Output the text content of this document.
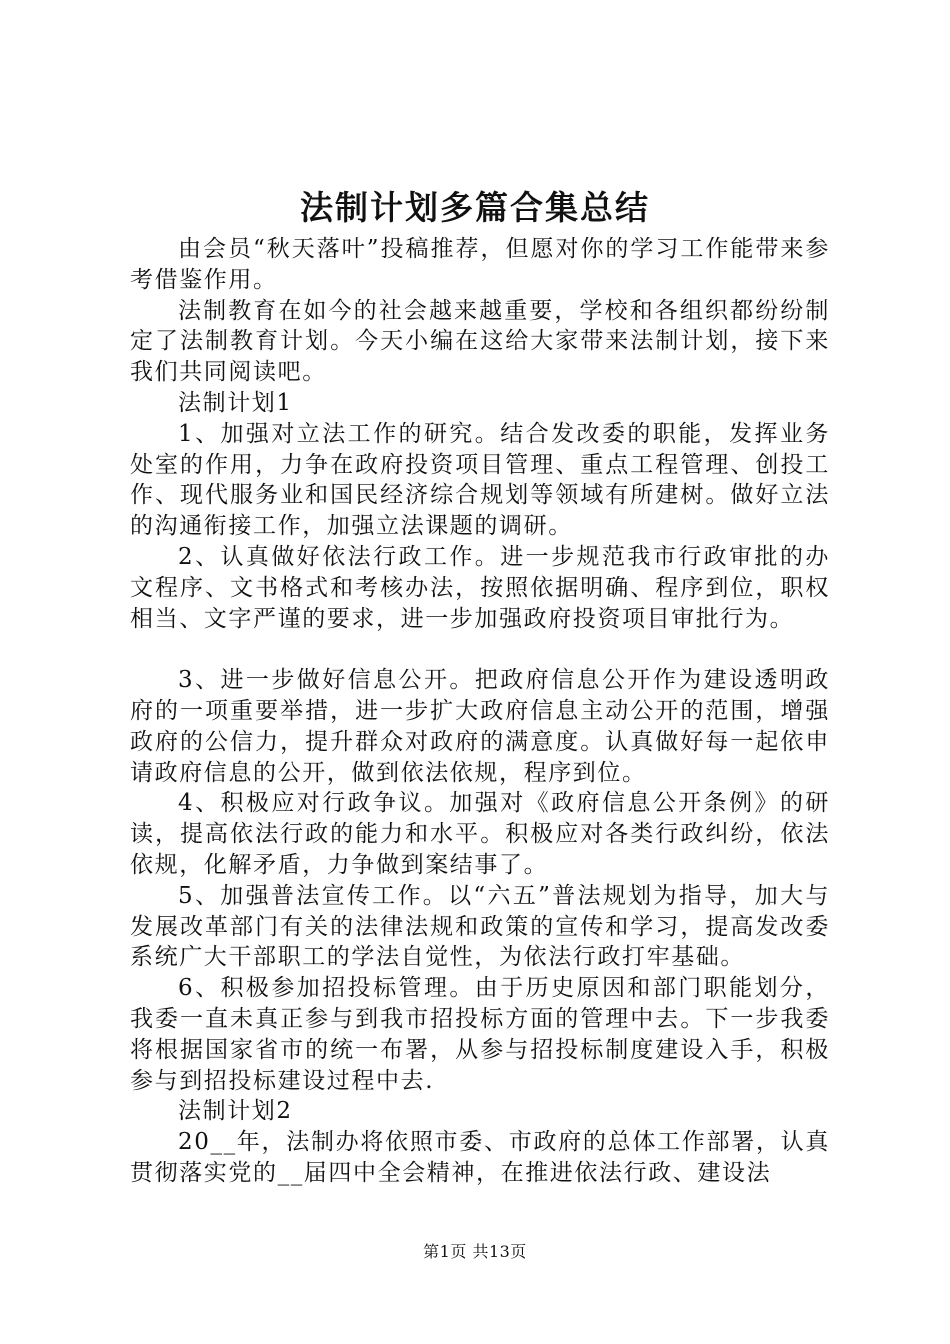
法制计划多篇合集总结

由会员“秋天落叶”投稿推荐，但愿对你的学习工作能带来参考借鉴作用。

法制教育在如今的社会越来越重要，学校和各组织都纷纷制定了法制教育计划。今天小编在这给大家带来法制计划，接下来我们共同阅读吧。

法制计划1

1、加强对立法工作的研究。结合发改委的职能，发挥业务处室的作用，力争在政府投资项目管理、重点工程管理、创投工作、现代服务业和国民经济综合规划等领域有所建树。做好立法的沟通衔接工作，加强立法课题的调研。

2、认真做好依法行政工作。进一步规范我市行政审批的办文程序、文书格式和考核办法，按照依据明确、程序到位，职权相当、文字严谨的要求，进一步加强政府投资项目审批行为。

3、进一步做好信息公开。把政府信息公开作为建设透明政府的一项重要举措，进一步扩大政府信息主动公开的范围，增强政府的公信力，提升群众对政府的满意度。认真做好每一起依申请政府信息的公开，做到依法依规，程序到位。

4、积极应对行政争议。加强对《政府信息公开条例》的研读，提高依法行政的能力和水平。积极应对各类行政纠纷，依法依规，化解矛盾，力争做到案结事了。

5、加强普法宣传工作。以“六五”普法规划为指导，加大与发展改革部门有关的法律法规和政策的宣传和学习，提高发改委系统广大干部职工的学法自觉性，为依法行政打牢基础。

6、积极参加招投标管理。由于历史原因和部门职能划分，我委一直未真正参与到我市招投标方面的管理中去。下一步我委将根据国家省市的统一布署，从参与招投标制度建设入手，积极参与到招投标建设过程中去.

法制计划2

20__年，法制办将依照市委、市政府的总体工作部署，认真贯彻落实党的__届四中全会精神，在推进依法行政、建设法

第1页 共13页
